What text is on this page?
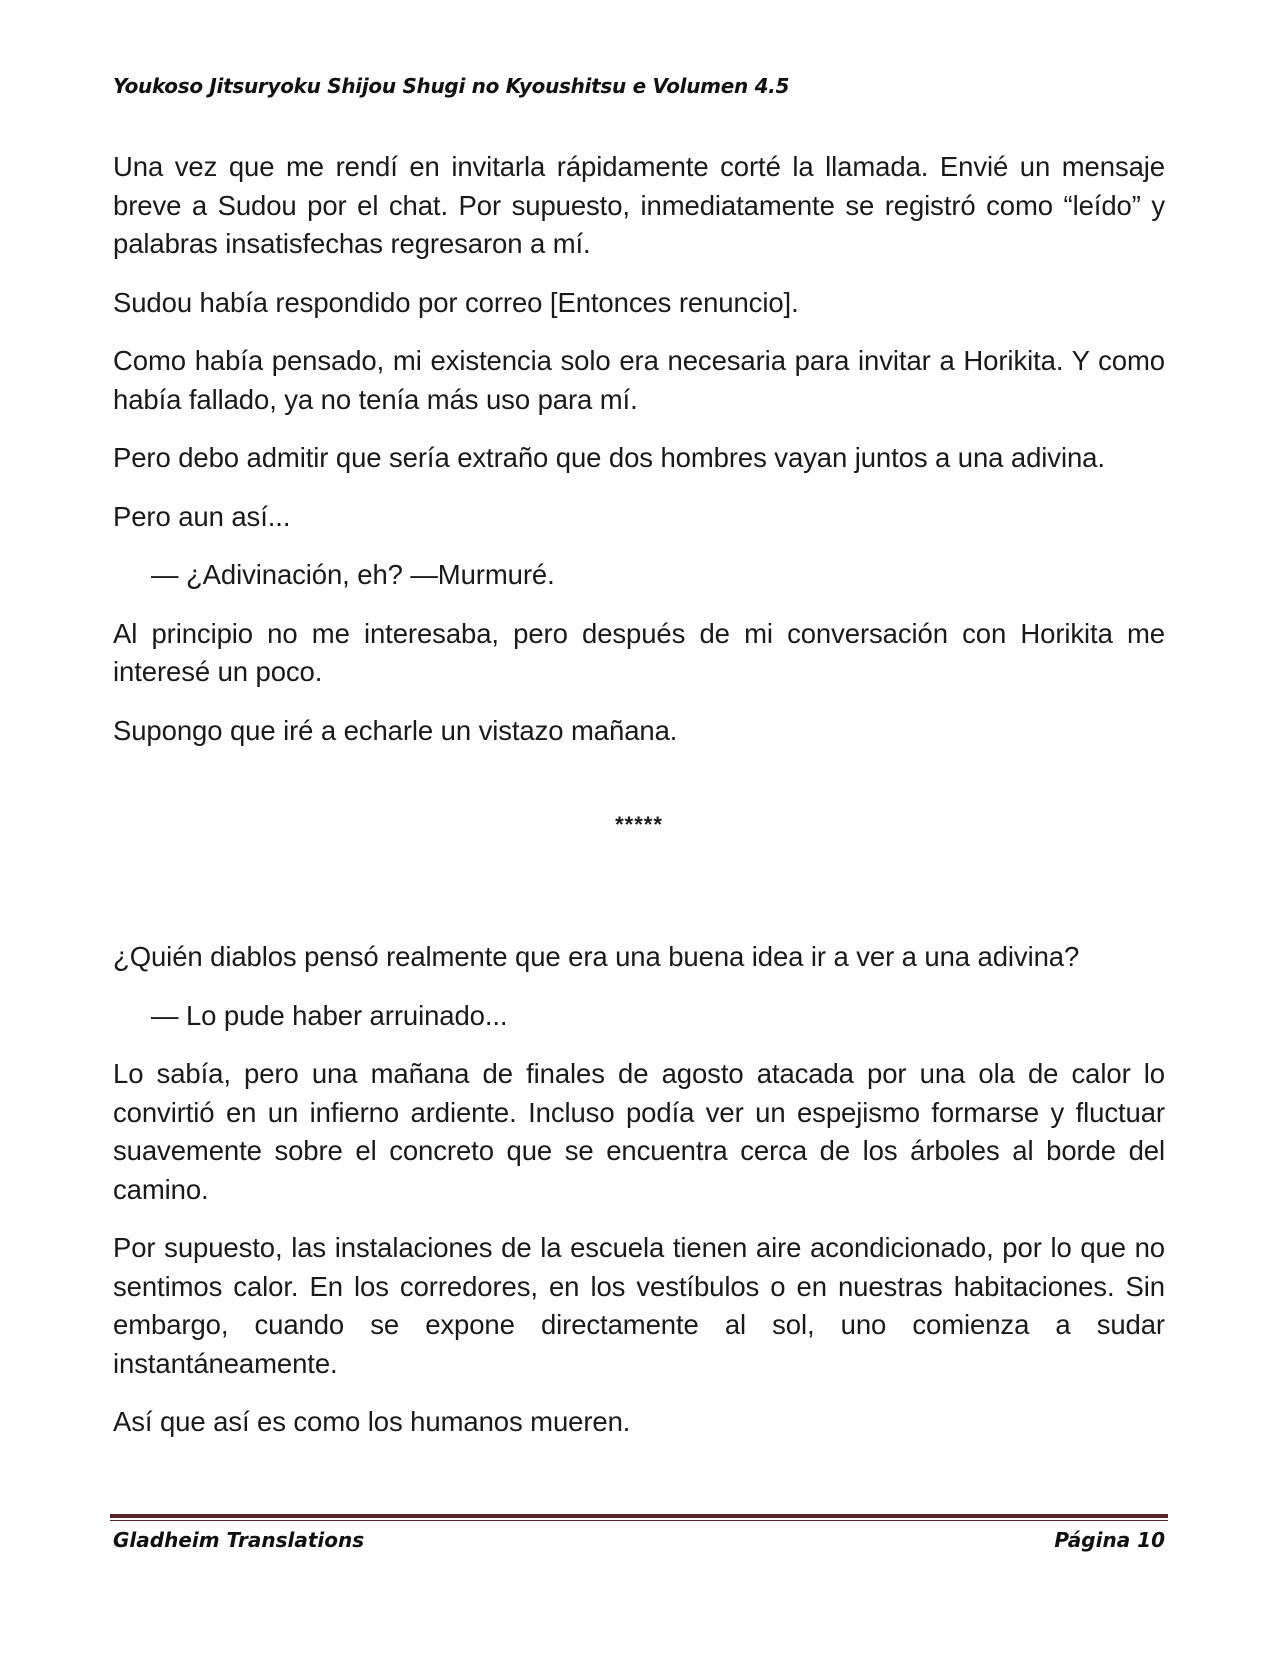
Youkoso Jitsuryoku Shijou Shugi no Kyoushitsu e Volumen 4.5

Una vez que me rendí en invitarla rápidamente corté la llamada. Envié un mensaje breve a Sudou por el chat. Por supuesto, inmediatamente se registró como “leído” y palabras insatisfechas regresaron a mí.

Sudou había respondido por correo [Entonces renuncio].

Como había pensado, mi existencia solo era necesaria para invitar a Horikita. Y como había fallado, ya no tenía más uso para mí.

Pero debo admitir que sería extraño que dos hombres vayan juntos a una adivina.

Pero aun así...

— ¿Adivinación, eh? —Murmuré.

Al principio no me interesaba, pero después de mi conversación con Horikita me interesé un poco.

Supongo que iré a echarle un vistazo mañana.

*****

¿Quién diablos pensó realmente que era una buena idea ir a ver a una adivina?

— Lo pude haber arruinado...

Lo sabía, pero una mañana de finales de agosto atacada por una ola de calor lo convirtió en un infierno ardiente. Incluso podía ver un espejismo formarse y fluctuar suavemente sobre el concreto que se encuentra cerca de los árboles al borde del camino.

Por supuesto, las instalaciones de la escuela tienen aire acondicionado, por lo que no sentimos calor. En los corredores, en los vestíbulos o en nuestras habitaciones. Sin embargo, cuando se expone directamente al sol, uno comienza a sudar instantáneamente.

Así que así es como los humanos mueren.

Gladheim Translations	Página 10
